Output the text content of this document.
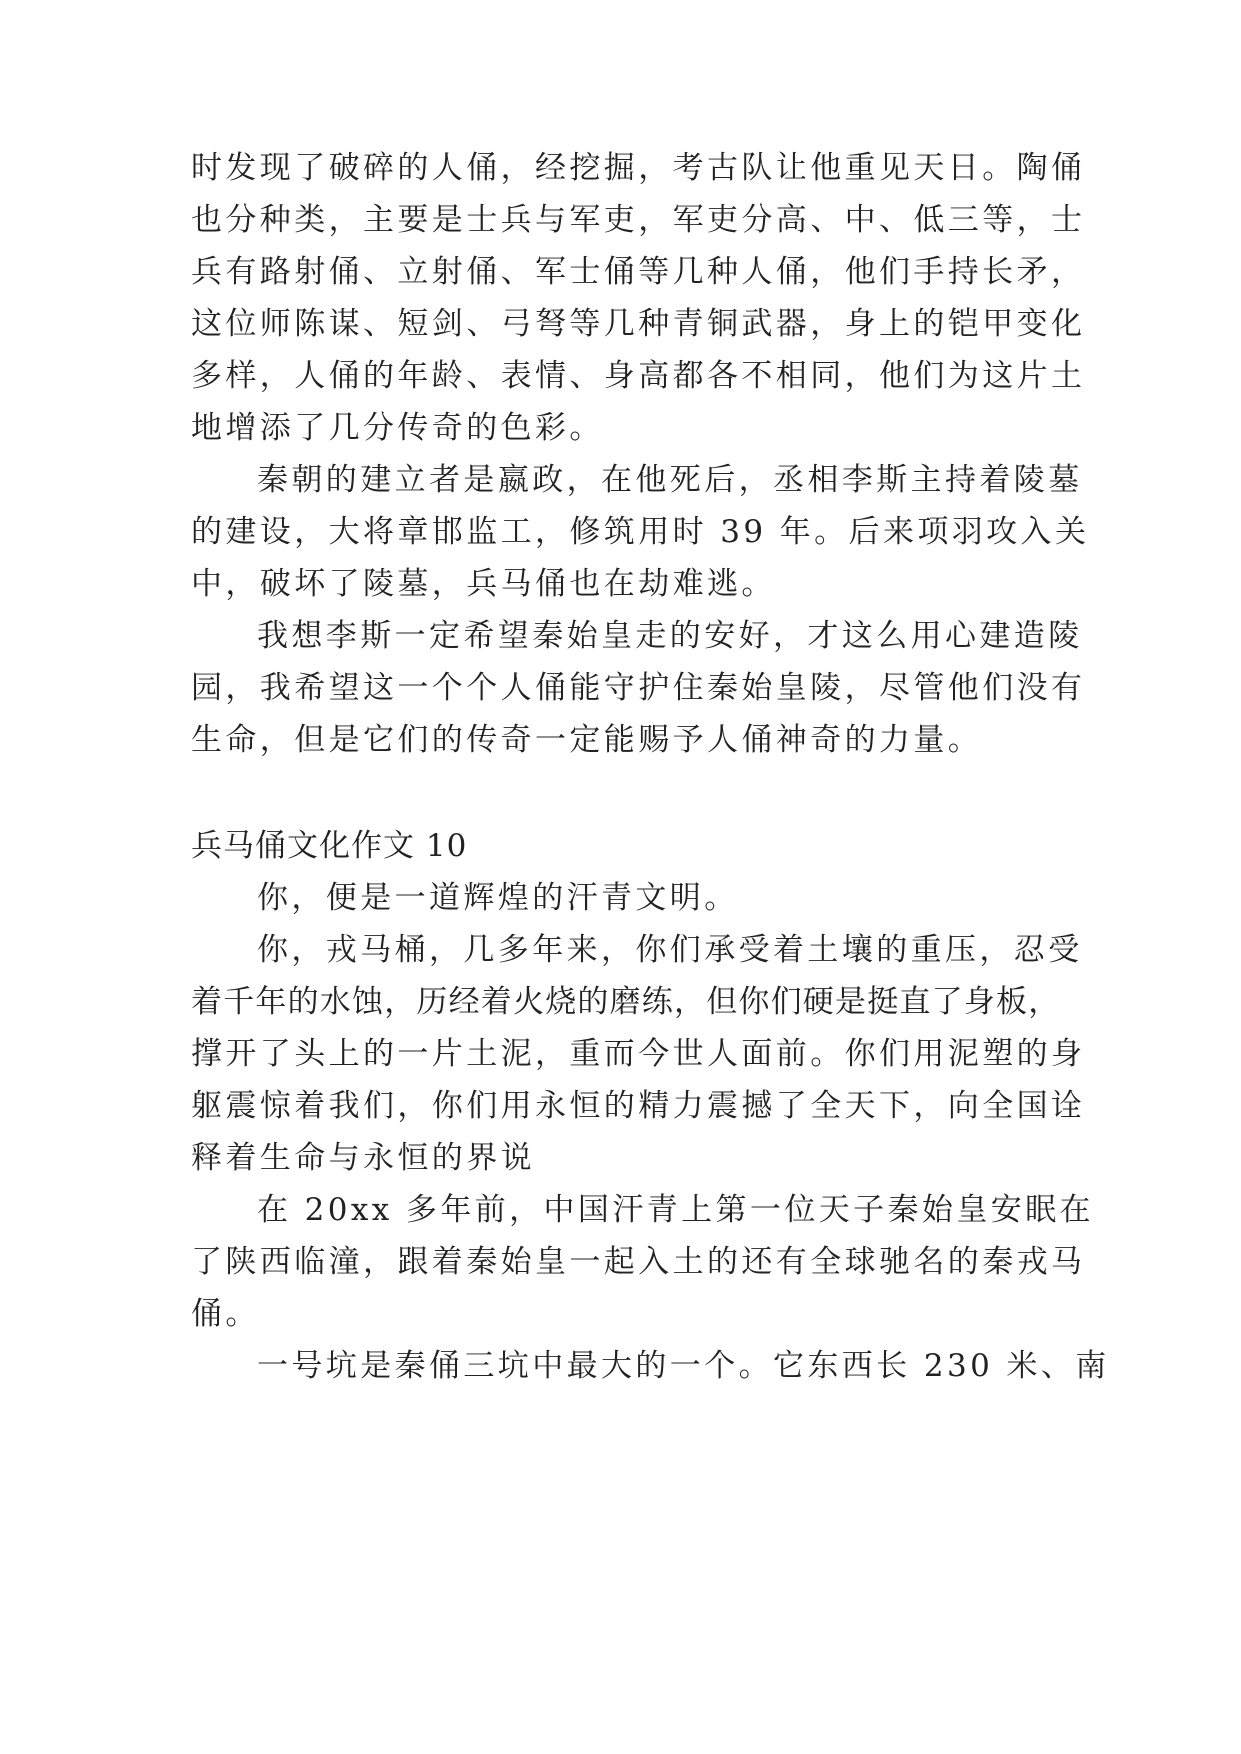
时发现了破碎的人俑，经挖掘，考古队让他重见天日。陶俑
也分种类，主要是士兵与军吏，军吏分高、中、低三等，士
兵有路射俑、立射俑、军士俑等几种人俑，他们手持长矛，
这位师陈谋、短剑、弓弩等几种青铜武器，身上的铠甲变化
多样，人俑的年龄、表情、身高都各不相同，他们为这片土
地增添了几分传奇的色彩。
秦朝的建立者是嬴政，在他死后，丞相李斯主持着陵墓
的建设，大将章邯监工，修筑用时 39 年。后来项羽攻入关
中，破坏了陵墓，兵马俑也在劫难逃。
我想李斯一定希望秦始皇走的安好，才这么用心建造陵
园，我希望这一个个人俑能守护住秦始皇陵，尽管他们没有
生命，但是它们的传奇一定能赐予人俑神奇的力量。
兵马俑文化作文 10
你，便是一道辉煌的汗青文明。
你，戎马桶，几多年来，你们承受着土壤的重压，忍受
着千年的水蚀，历经着火烧的磨练，但你们硬是挺直了身板，
撑开了头上的一片土泥，重而今世人面前。你们用泥塑的身
躯震惊着我们，你们用永恒的精力震撼了全天下，向全国诠
释着生命与永恒的界说
在 20xx 多年前，中国汗青上第一位天子秦始皇安眠在
了陕西临潼，跟着秦始皇一起入土的还有全球驰名的秦戎马
俑。
一号坑是秦俑三坑中最大的一个。它东西长 230 米、南
